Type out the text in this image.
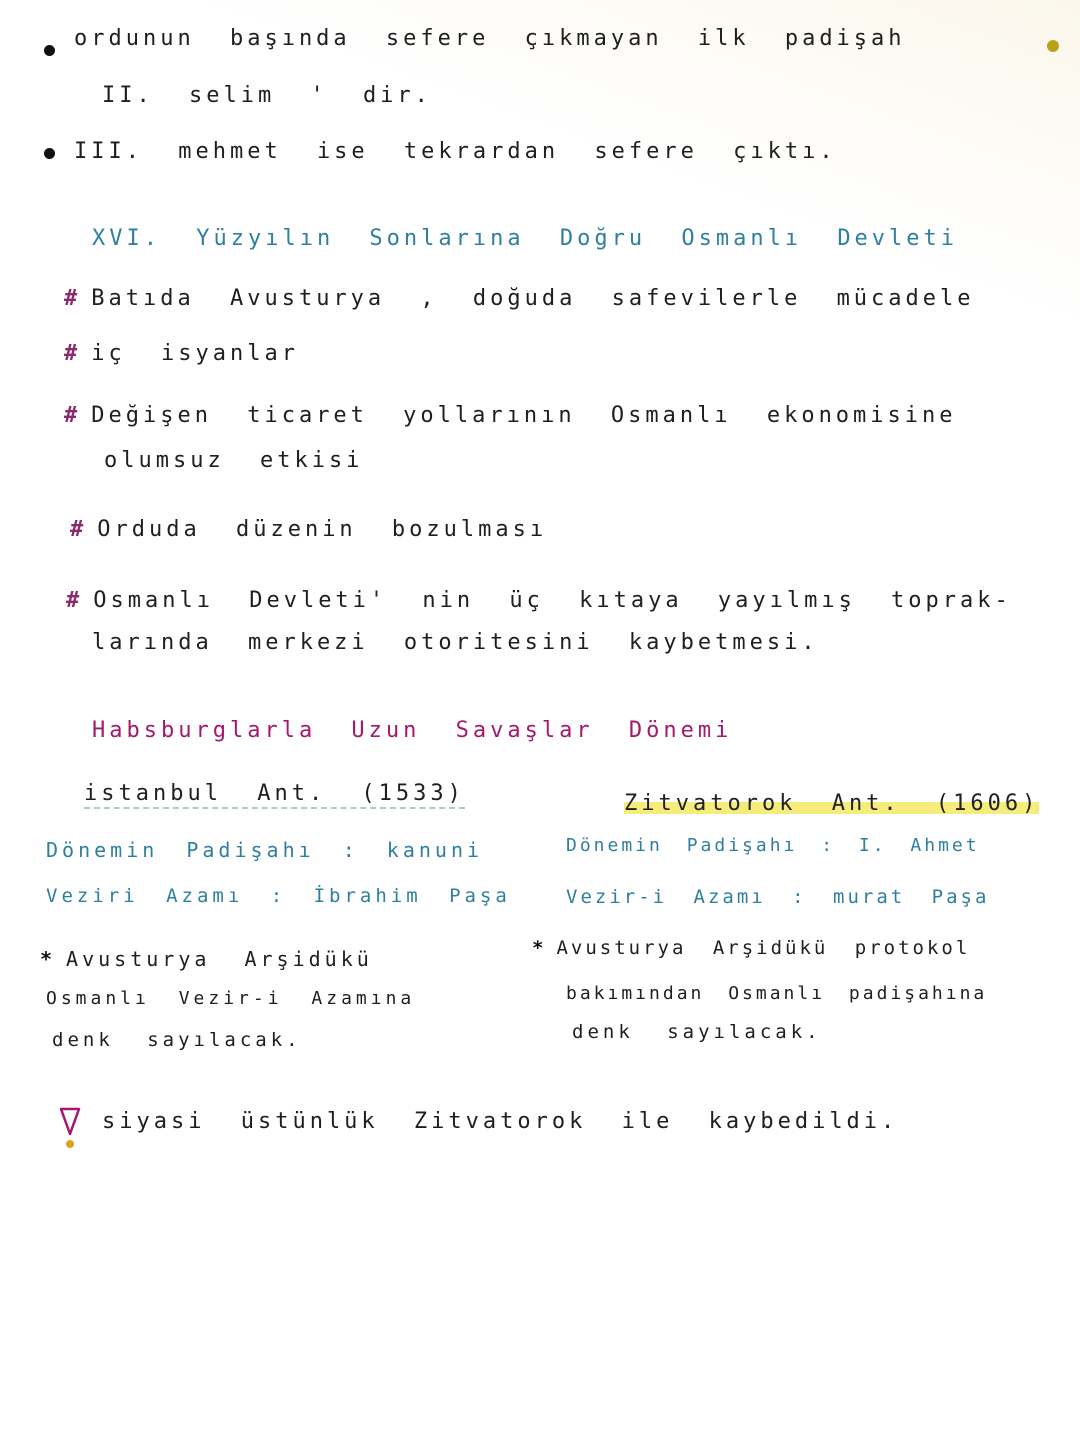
ordunun başında sefere çıkmayan ilk padişah
II. selim ' dir.
III. mehmet ise tekrardan sefere çıktı.
XVI. Yüzyılın Sonlarına Doğru Osmanlı Devleti
# Batıda Avusturya , doğuda safevilerle mücadele
# iç isyanlar
# Değişen ticaret yollarının Osmanlı ekonomisine
olumsuz etkisi
# Orduda düzenin bozulması
# Osmanlı Devleti' nin üç kıtaya yayılmış toprak-
larında merkezi otoritesini kaybetmesi.
Habsburglarla Uzun Savaşlar Dönemi
istanbul Ant. (1533)
Dönemin Padişahı : kanuni
Veziri Azamı : İbrahim Paşa
* Avusturya Arşidükü
Osmanlı Vezir-i Azamına
denk sayılacak.
Zitvatorok Ant. (1606)
Dönemin Padişahı : I. Ahmet
Vezir-i Azamı : murat Paşa
* Avusturya Arşidükü protokol
bakımından Osmanlı padişahına
denk sayılacak.
siyasi üstünlük Zitvatorok ile kaybedildi.
